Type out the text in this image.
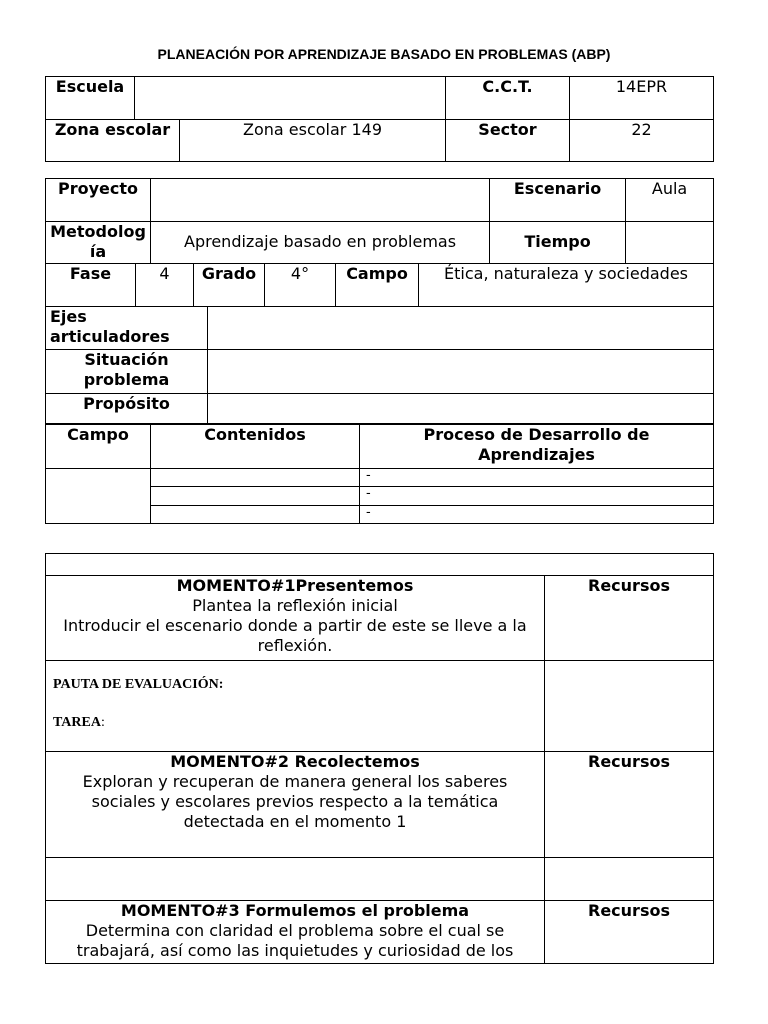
PLANEACIÓN POR APRENDIZAJE BASADO EN PROBLEMAS (ABP)
Escuela			C.C.T.	14EPR
Zona escolar		Zona escolar 149	Sector	22
Proyecto								Escenario	Aula
Metodología		Aprendizaje basado en problemas						Tiempo	
Fase	4		Grado		4°	Campo	Ética, naturaleza y sociedades		
Ejes articuladores									
Situación problema									
Propósito									
Campo	Contenidos	Proceso de Desarrollo de Aprendizajes
		-
		-
		-

MOMENTO#1Presentemos
Plantea la reflexión inicial
Introducir el escenario donde a partir de este se lleve a la reflexión.	Recursos

PAUTA DE EVALUACIÓN:
TAREA:	

MOMENTO#2 Recolectemos
Exploran y recuperan de manera general los saberes sociales y escolares previos respecto a la temática detectada en el momento 1	Recursos

MOMENTO#3 Formulemos el problema
Determina con claridad el problema sobre el cual se trabajará, así como las inquietudes y curiosidad de los	Recursos
